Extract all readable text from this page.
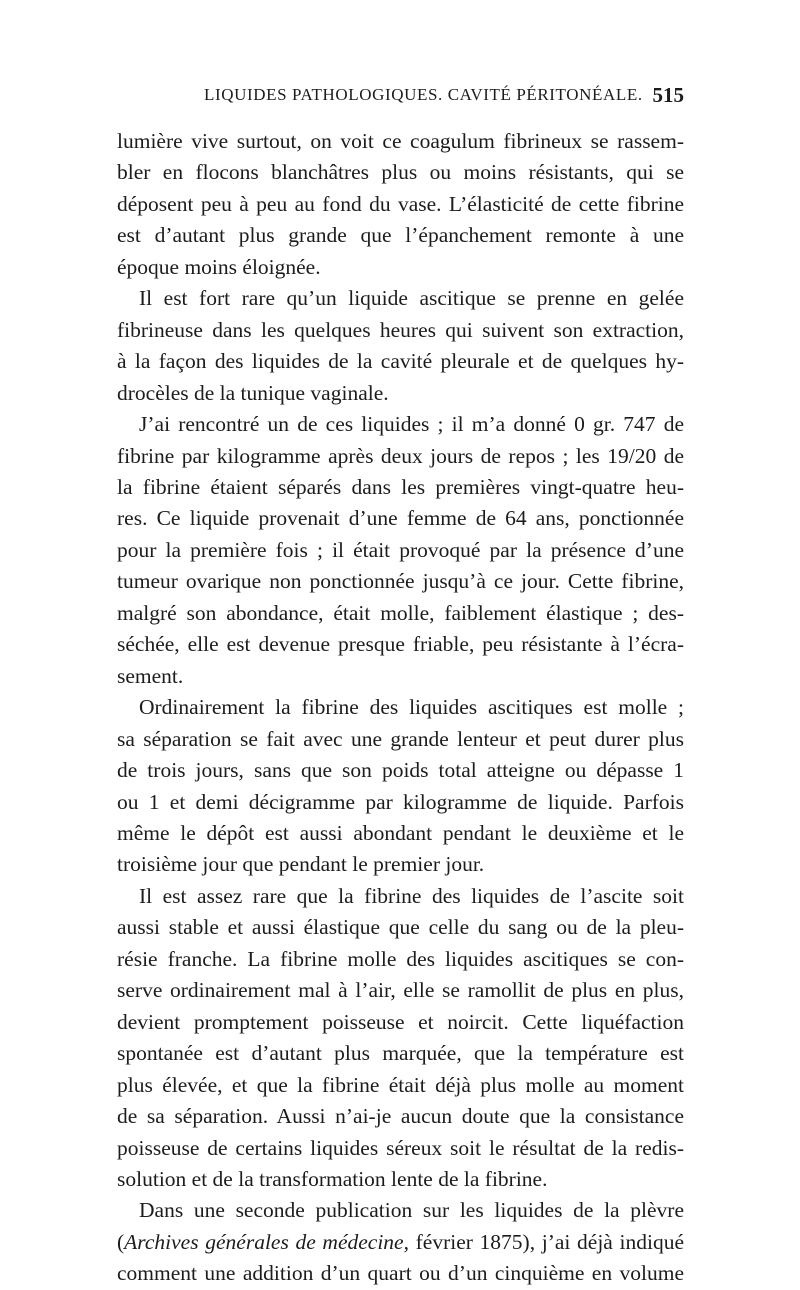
LIQUIDES PATHOLOGIQUES. CAVITÉ PÉRITONÉALE. 515
lumière vive surtout, on voit ce coagulum fibrineux se rassem-
bler en flocons blanchâtres plus ou moins résistants, qui se
déposent peu à peu au fond du vase. L’élasticité de cette fibrine
est d’autant plus grande que l’épanchement remonte à une
époque moins éloignée.
Il est fort rare qu’un liquide ascitique se prenne en gelée
fibrineuse dans les quelques heures qui suivent son extraction,
à la façon des liquides de la cavité pleurale et de quelques hy-
drocèles de la tunique vaginale.
J’ai rencontré un de ces liquides ; il m’a donné 0 gr. 747 de
fibrine par kilogramme après deux jours de repos ; les 19/20 de
la fibrine étaient séparés dans les premières vingt-quatre heu-
res. Ce liquide provenait d’une femme de 64 ans, ponctionnée
pour la première fois ; il était provoqué par la présence d’une
tumeur ovarique non ponctionnée jusqu’à ce jour. Cette fibrine,
malgré son abondance, était molle, faiblement élastique ; des-
séchée, elle est devenue presque friable, peu résistante à l’écra-
sement.
Ordinairement la fibrine des liquides ascitiques est molle ;
sa séparation se fait avec une grande lenteur et peut durer plus
de trois jours, sans que son poids total atteigne ou dépasse 1
ou 1 et demi décigramme par kilogramme de liquide. Parfois
même le dépôt est aussi abondant pendant le deuxième et le
troisième jour que pendant le premier jour.
Il est assez rare que la fibrine des liquides de l’ascite soit
aussi stable et aussi élastique que celle du sang ou de la pleu-
résie franche. La fibrine molle des liquides ascitiques se con-
serve ordinairement mal à l’air, elle se ramollit de plus en plus,
devient promptement poisseuse et noircit. Cette liquéfaction
spontanée est d’autant plus marquée, que la température est
plus élevée, et que la fibrine était déjà plus molle au moment
de sa séparation. Aussi n’ai-je aucun doute que la consistance
poisseuse de certains liquides séreux soit le résultat de la redis-
solution et de la transformation lente de la fibrine.
Dans une seconde publication sur les liquides de la plèvre
(Archives générales de médecine, février 1875), j’ai déjà indiqué
comment une addition d’un quart ou d’un cinquième en volume
